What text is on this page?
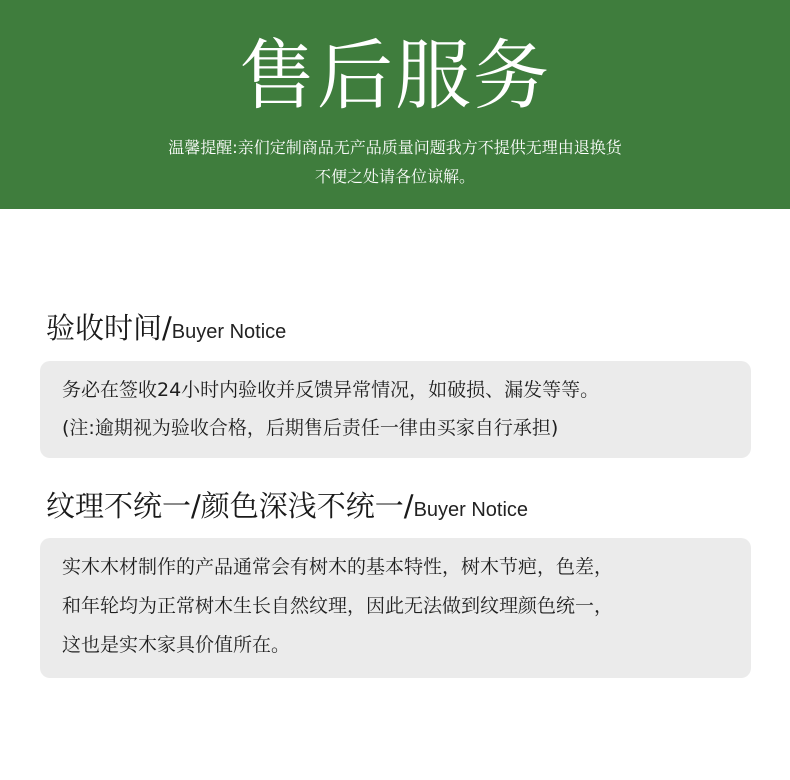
售后服务
温馨提醒:亲们定制商品无产品质量问题我方不提供无理由退换货
不便之处请各位谅解。
验收时间/Buyer Notice
务必在签收24小时内验收并反馈异常情况，如破损、漏发等等。
(注:逾期视为验收合格，后期售后责任一律由买家自行承担)
纹理不统一/颜色深浅不统一/Buyer Notice
实木木材制作的产品通常会有树木的基本特性，树木节疤，色差，
和年轮均为正常树木生长自然纹理，因此无法做到纹理颜色统一，
这也是实木家具价值所在。
